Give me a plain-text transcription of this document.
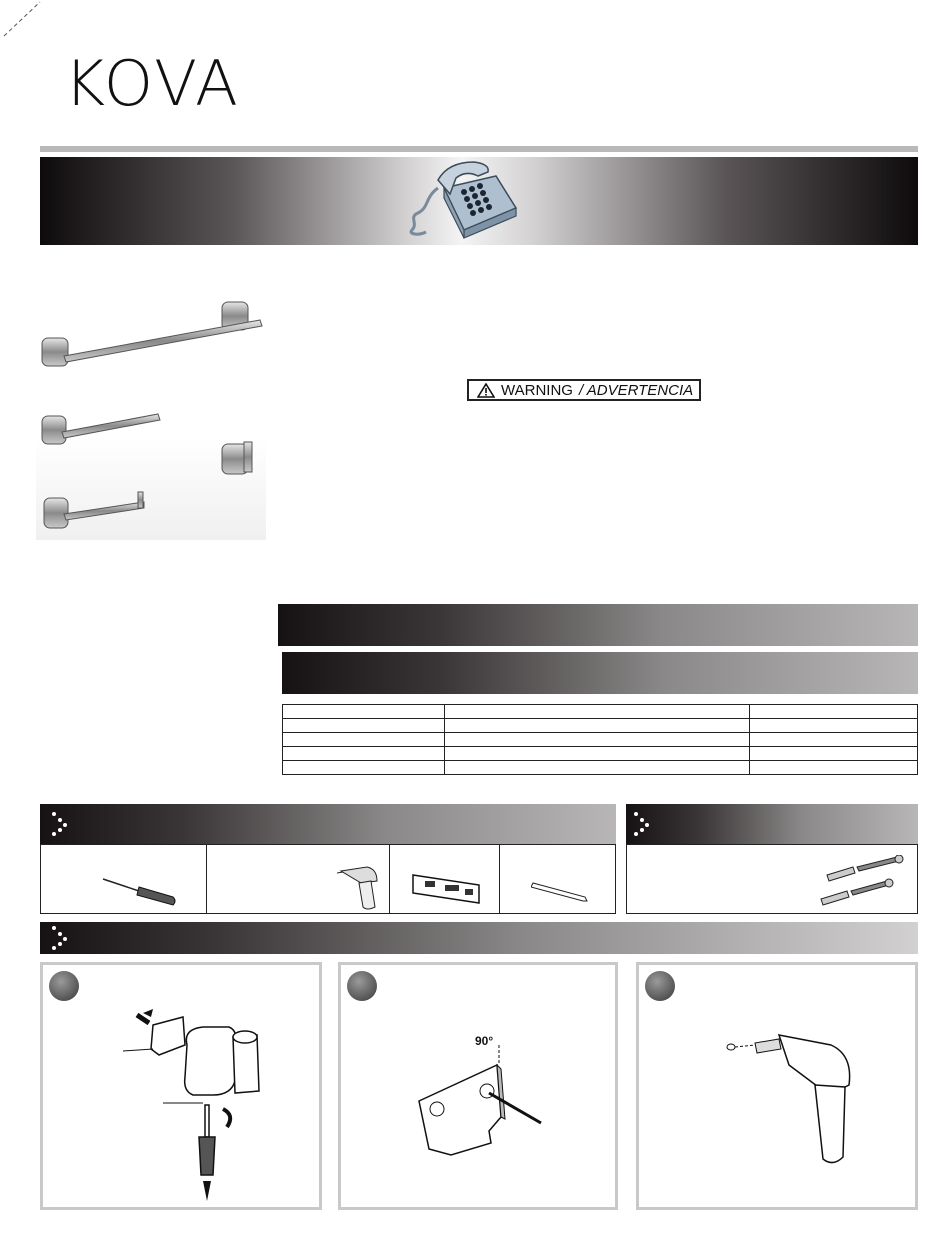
KOVA
WARNING / ADVERTENCIA

90°
